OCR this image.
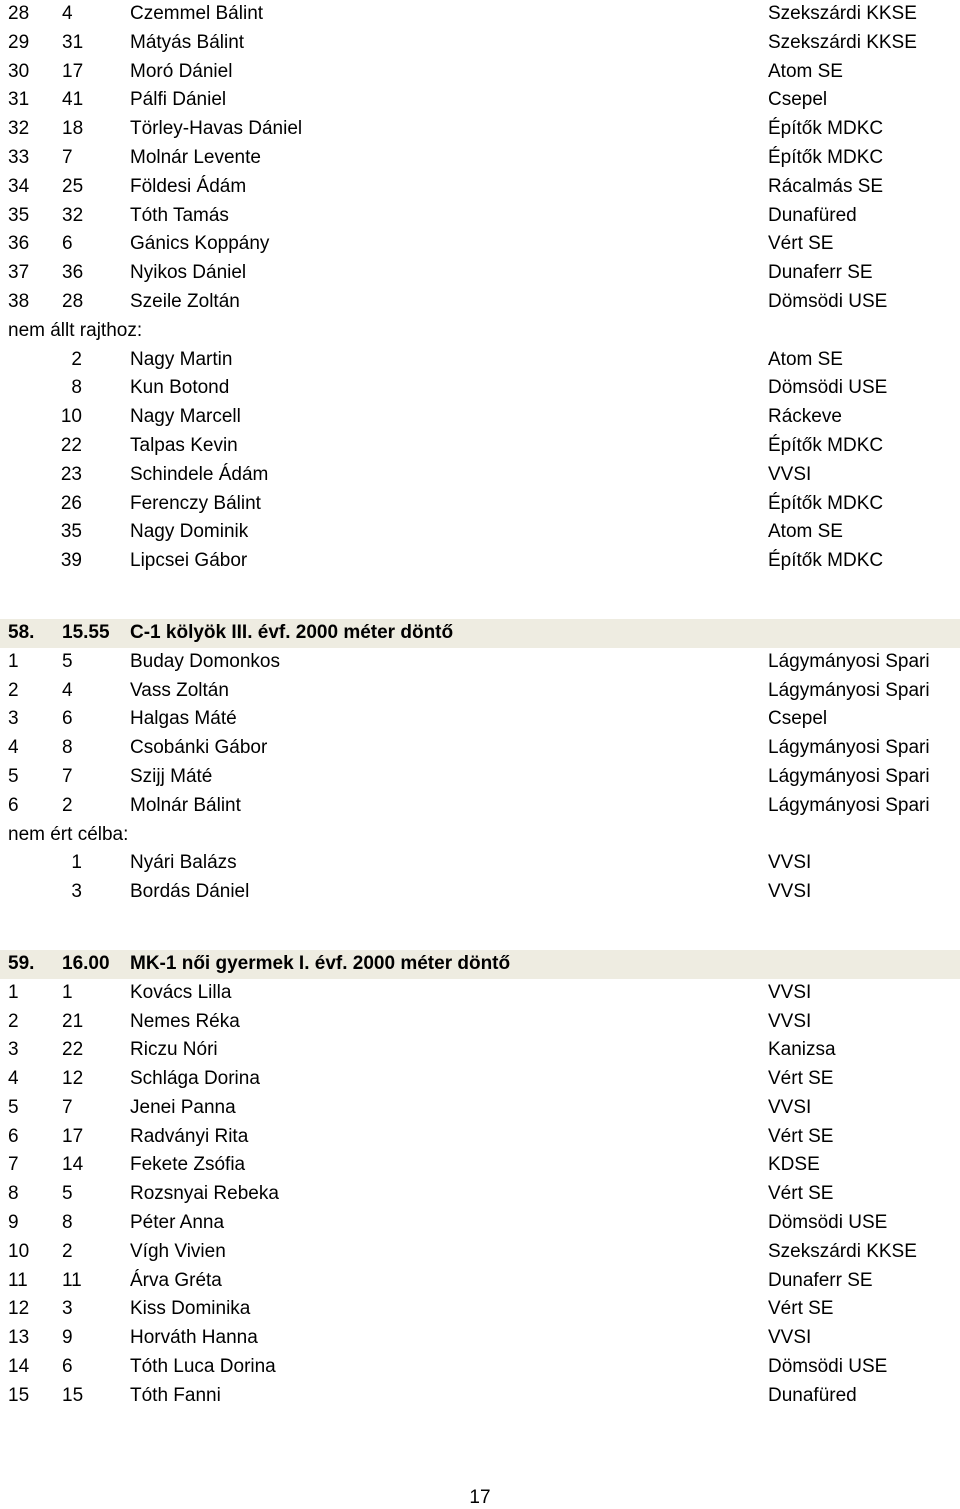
28 4	Czemmel Bálint	Szekszárdi KKSE
29 31 Mátyás Bálint	Szekszárdi KKSE
30 17 Moró Dániel	Atom SE
31 41 Pálfi Dániel	Csepel
32 18 Törley-Havas Dániel	Építők MDKC
33 7	Molnár Levente	Építők MDKC
34 25 Földesi Ádám	Rácalmás SE
35 32 Tóth Tamás	Dunafüred
36 6	Gánics Koppány	Vért SE
37 36 Nyikos Dániel	Dunaferr SE
38 28 Szeile Zoltán	Dömsödi USE
nem állt rajthoz:
2	Nagy Martin	Atom SE
8	Kun Botond	Dömsödi USE
10	Nagy Marcell	Ráckeve
22	Talpas Kevin	Építők MDKC
23	Schindele Ádám	VVSI
26	Ferenczy Bálint	Építők MDKC
35	Nagy Dominik	Atom SE
39	Lipcsei Gábor	Építők MDKC
58. 15.55 C-1 kölyök III. évf. 2000 méter döntő
1 5	Buday Domonkos	Lágymányosi Spari
2 4	Vass Zoltán	Lágymányosi Spari
3 6	Halgas Máté	Csepel
4 8	Csobánki Gábor	Lágymányosi Spari
5 7	Szijj Máté	Lágymányosi Spari
6 2	Molnár Bálint	Lágymányosi Spari
nem ért célba:
1	Nyári Balázs	VVSI
3	Bordás Dániel	VVSI
59. 16.00 MK-1 női gyermek I. évf. 2000 méter döntő
1 1	Kovács Lilla	VVSI
2 21 Nemes Réka	VVSI
3 22 Riczu Nóri	Kanizsa
4 12 Schlága Dorina	Vért SE
5 7	Jenei Panna	VVSI
6 17 Radványi Rita	Vért SE
7 14 Fekete Zsófia	KDSE
8 5	Rozsnyai Rebeka	Vért SE
9 8	Péter Anna	Dömsödi USE
10 2	Vígh Vivien	Szekszárdi KKSE
11 11	Árva Gréta	Dunaferr SE
12 3	Kiss Dominika	Vért SE
13 9	Horváth Hanna	VVSI
14 6	Tóth Luca Dorina	Dömsödi USE
15 15 Tóth Fanni	Dunafüred
17
